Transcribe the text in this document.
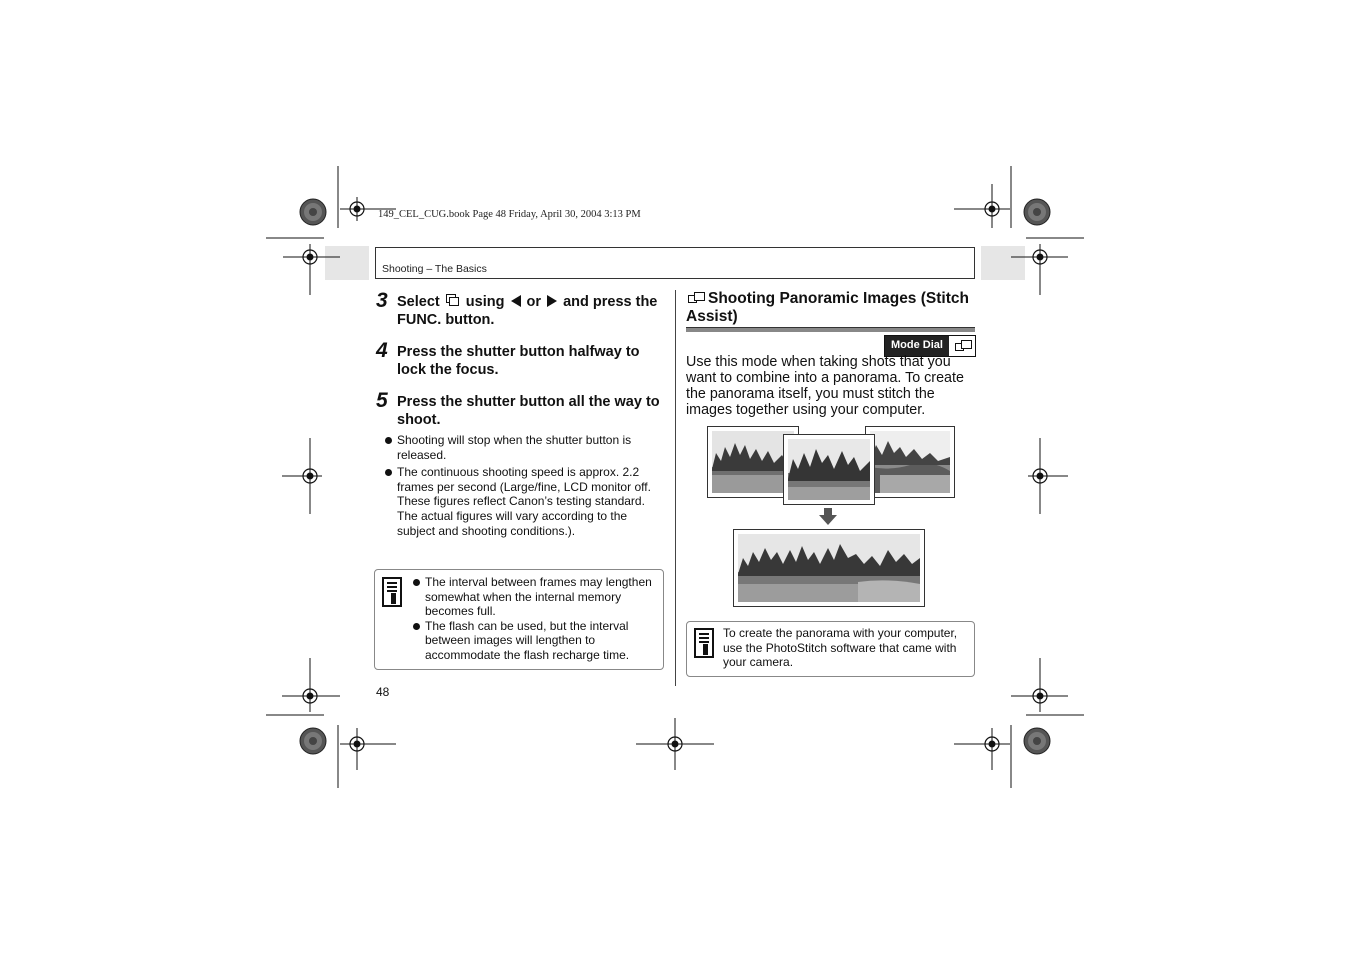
149_CEL_CUG.book Page 48 Friday, April 30, 2004 3:13 PM
Shooting – The Basics
3 Select using or and press the FUNC. button.
4 Press the shutter button halfway to lock the focus.
5 Press the shutter button all the way to shoot.
Shooting will stop when the shutter button is released.
The continuous shooting speed is approx. 2.2 frames per second (Large/fine, LCD monitor off. These figures reflect Canon’s testing standard. The actual figures will vary according to the subject and shooting conditions.).
The interval between frames may lengthen somewhat when the internal memory becomes full.
The flash can be used, but the interval between images will lengthen to accommodate the flash recharge time.
48
Shooting Panoramic Images (Stitch Assist)
Mode Dial
Use this mode when taking shots that you want to combine into a panorama. To create the panorama itself, you must stitch the images together using your computer.
To create the panorama with your computer, use the PhotoStitch software that came with your camera.
